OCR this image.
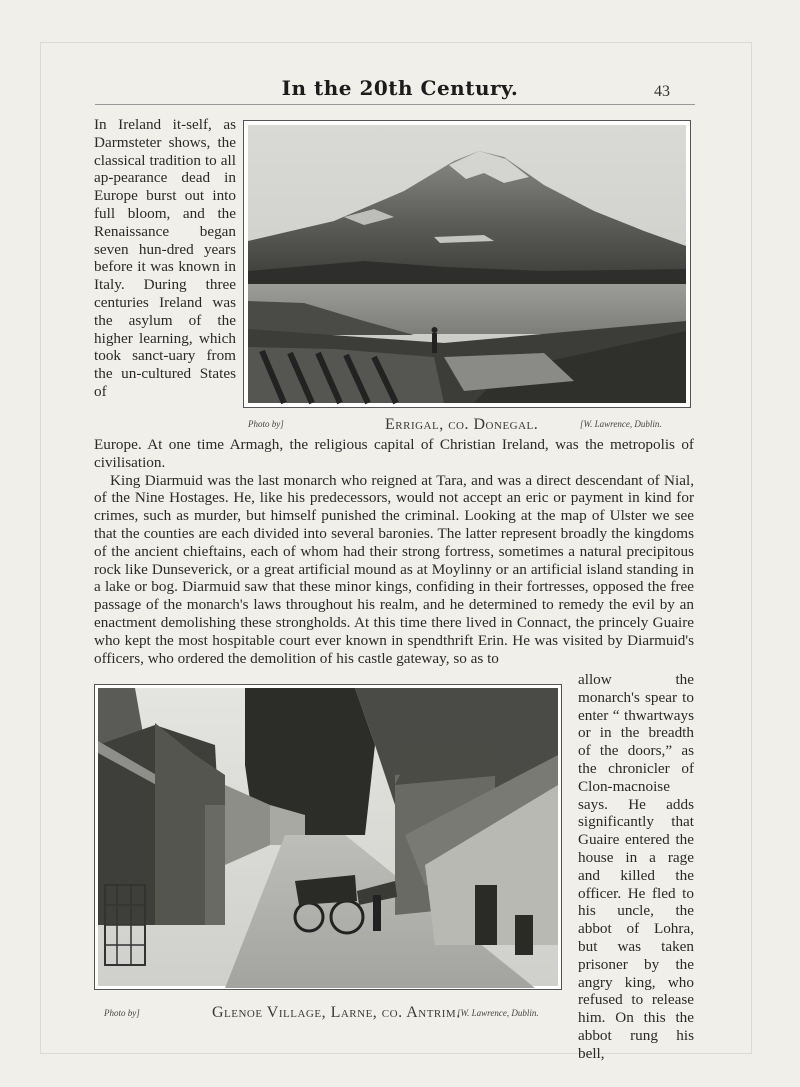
In the 20th Century.	43
In Ireland it-self, as Darmsteter shows, the classical tradition to all ap-pearance dead in Europe burst out into full bloom, and the Renaissance began seven hun-dred years before it was known in Italy. During three centuries Ireland was the asylum of the higher learning, which took sanct-uary from the un-cultured States of
Photo by]	Errigal, co. Donegal.	[W. Lawrence, Dublin.

Europe. At one time Armagh, the religious capital of Christian Ireland, was the metropolis of civilisation.

King Diarmuid was the last monarch who reigned at Tara, and was a direct descendant of Nial, of the Nine Hostages. He, like his predecessors, would not accept an eric or payment in kind for crimes, such as murder, but himself punished the criminal. Looking at the map of Ulster we see that the counties are each divided into several baronies. The latter represent broadly the kingdoms of the ancient chieftains, each of whom had their strong fortress, sometimes a natural precipitous rock like Dunseverick, or a great artificial mound as at Moylinny or an artificial island standing in a lake or bog. Diarmuid saw that these minor kings, confiding in their fortresses, opposed the free passage of the monarch's laws throughout his realm, and he determined to remedy the evil by an enactment demolishing these strongholds. At this time there lived in Connact, the princely Guaire who kept the most hospitable court ever known in spendthrift Erin. He was visited by Diarmuid's officers, who ordered the demolition of his castle gateway, so as to

allow the monarch's spear to enter “ thwartways or in the breadth of the doors,” as the chronicler of Clon-macnoise says. He adds significantly that Guaire entered the house in a rage and killed the officer. He fled to his uncle, the abbot of Lohra, but was taken prisoner by the angry king, who refused to release him. On this the abbot rung his bell,
Photo by]	Glenoe Village, Larne, co. Antrim.
[W. Lawrence, Dublin.
